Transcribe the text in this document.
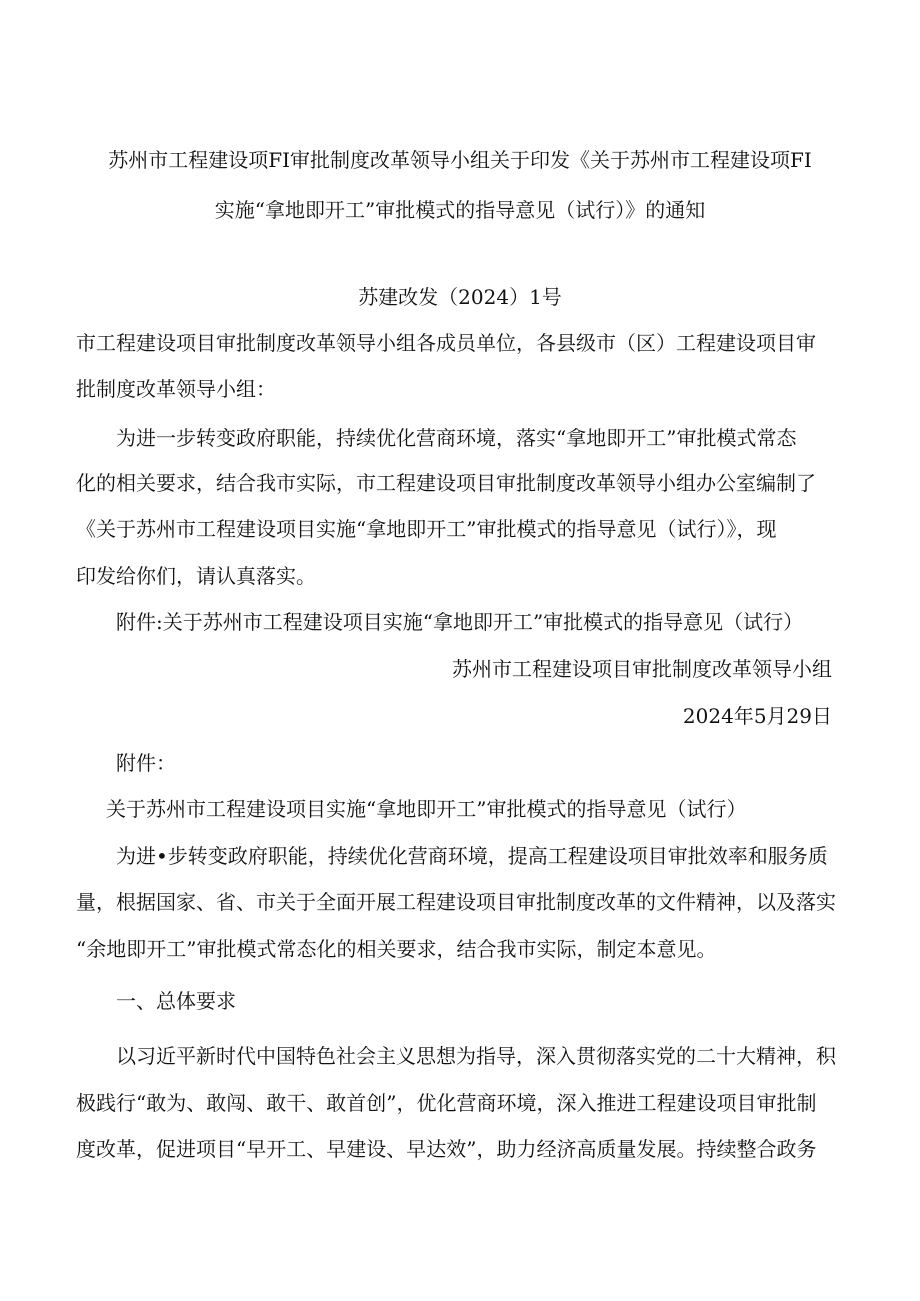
苏州市工程建设项FI审批制度改革领导小组关于印发《关于苏州市工程建设项FI
实施“拿地即开工”审批模式的指导意见（试行）》的通知
苏建改发（2024）1号
市工程建设项目审批制度改革领导小组各成员单位，各县级市（区）工程建设项目审
批制度改革领导小组：
为进一步转变政府职能，持续优化营商环境，落实“拿地即开工”审批模式常态
化的相关要求，结合我市实际，市工程建设项目审批制度改革领导小组办公室编制了
《关于苏州市工程建设项目实施“拿地即开工”审批模式的指导意见（试行）》，现
印发给你们，请认真落实。
附件:关于苏州市工程建设项目实施“拿地即开工”审批模式的指导意见（试行）
苏州市工程建设项目审批制度改革领导小组
2024年5月29日
附件：
关于苏州市工程建设项目实施“拿地即开工”审批模式的指导意见（试行）
为进•步转变政府职能，持续优化营商环境，提高工程建设项目审批效率和服务质
量，根据国家、省、市关于全面开展工程建设项目审批制度改革的文件精神，以及落实
“余地即开工”审批模式常态化的相关要求，结合我市实际，制定本意见。
一、总体要求
以习近平新时代中国特色社会主义思想为指导，深入贯彻落实党的二十大精神，积
极践行“敢为、敢闯、敢干、敢首创”，优化营商环境，深入推进工程建设项目审批制
度改革，促进项目“早开工、早建设、早达效”，助力经济高质量发展。持续整合政务
